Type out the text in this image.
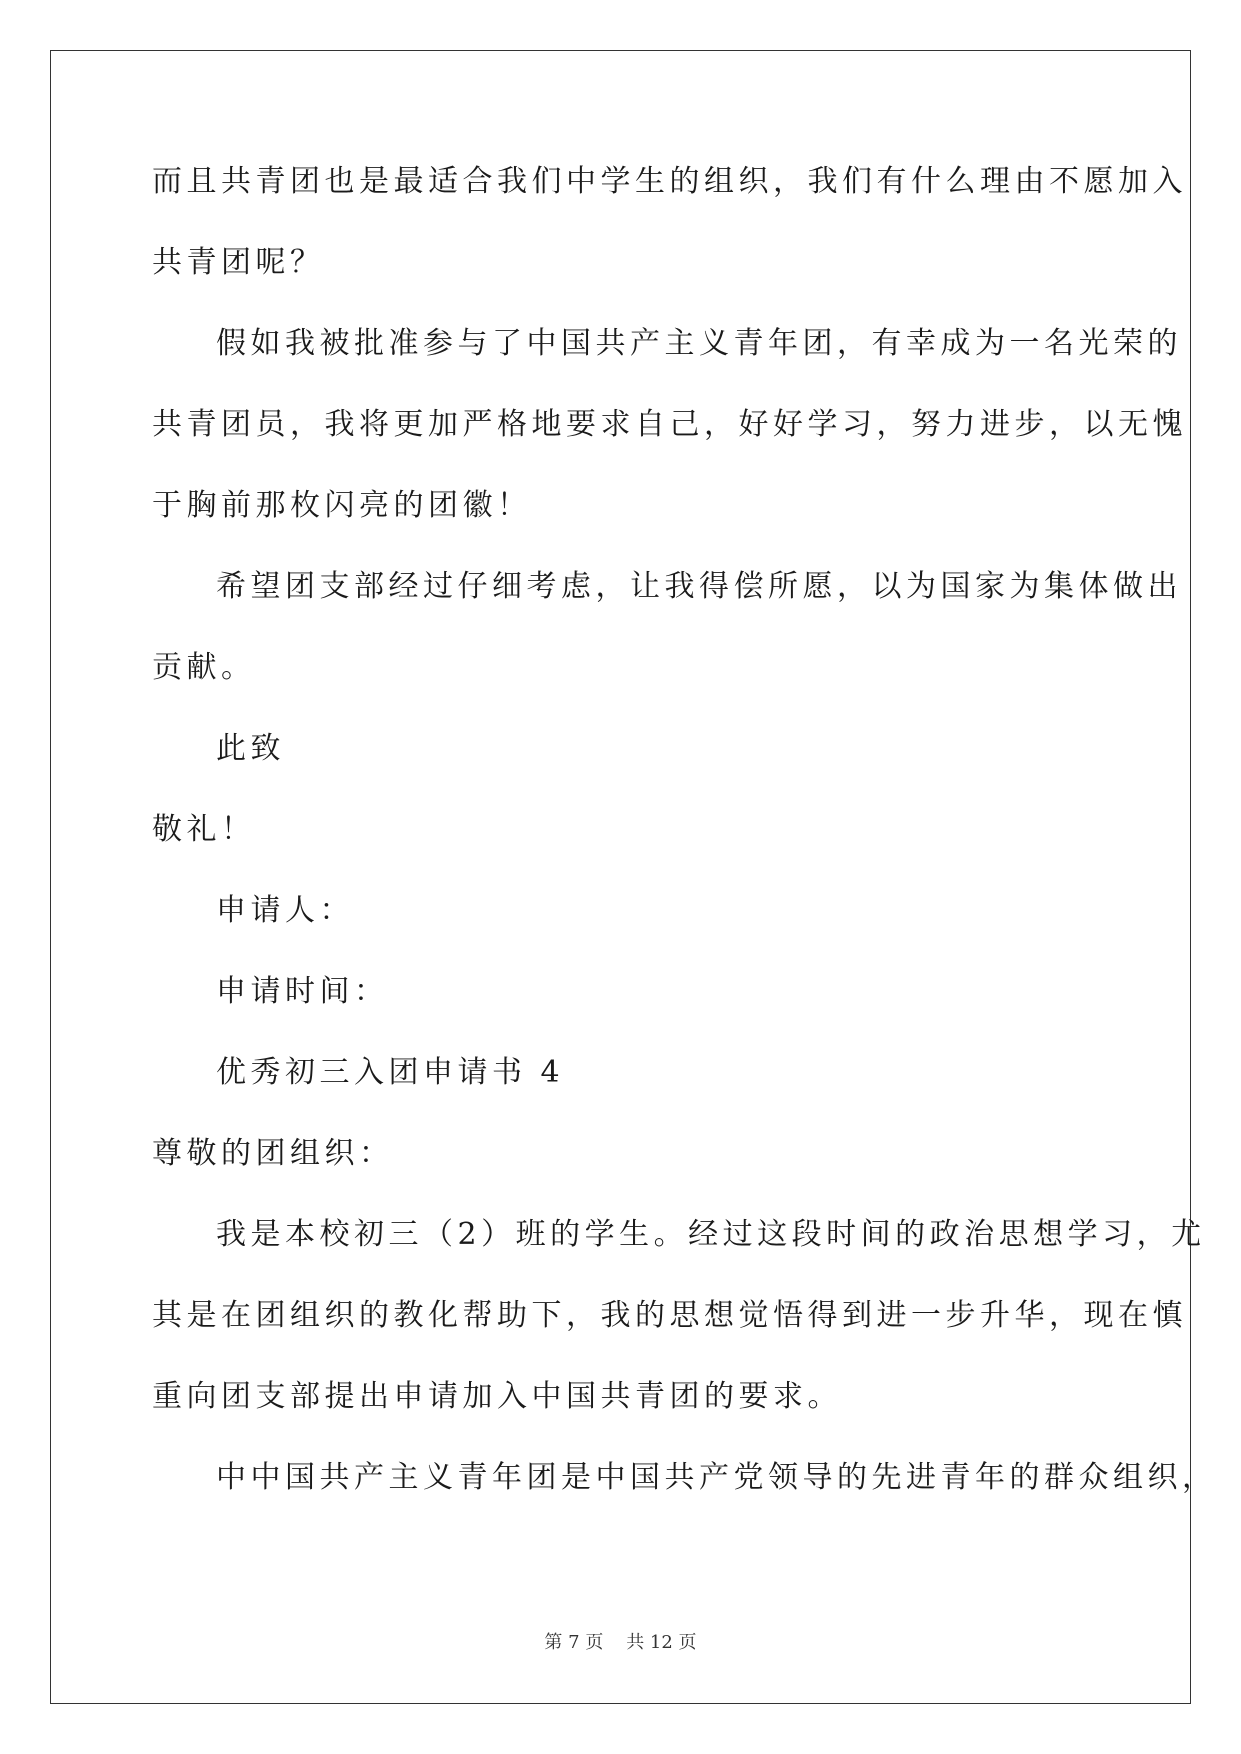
而且共青团也是最适合我们中学生的组织，我们有什么理由不愿加入
共青团呢？
假如我被批准参与了中国共产主义青年团，有幸成为一名光荣的
共青团员，我将更加严格地要求自己，好好学习，努力进步，以无愧
于胸前那枚闪亮的团徽！
希望团支部经过仔细考虑，让我得偿所愿，以为国家为集体做出
贡献。
此致
敬礼！
申请人：
申请时间：
优秀初三入团申请书 4
尊敬的团组织：
我是本校初三（2）班的学生。经过这段时间的政治思想学习，尤
其是在团组织的教化帮助下，我的思想觉悟得到进一步升华，现在慎
重向团支部提出申请加入中国共青团的要求。
中中国共产主义青年团是中国共产党领导的先进青年的群众组织，
第 7 页    共 12 页
